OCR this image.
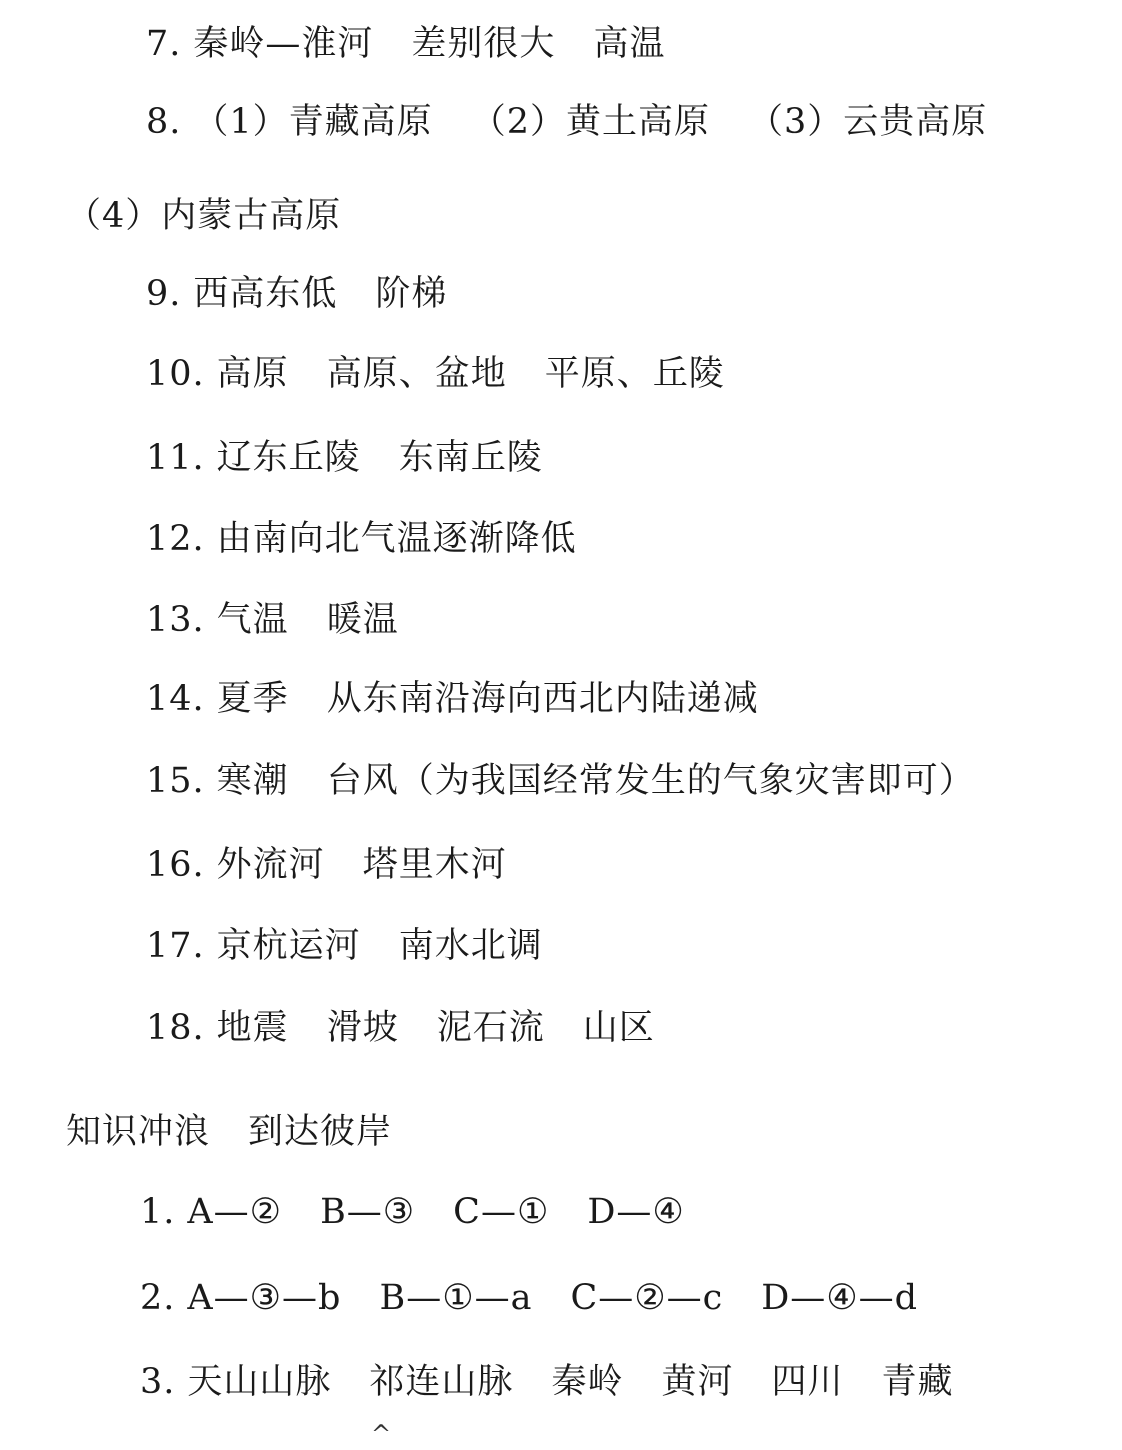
7. 秦岭—淮河 差别很大 高温
8. （1）青藏高原 （2）黄土高原 （3）云贵高原
（4）内蒙古高原
9. 西高东低 阶梯
10. 高原 高原、盆地 平原、丘陵
11. 辽东丘陵 东南丘陵
12. 由南向北气温逐渐降低
13. 气温 暖温
14. 夏季 从东南沿海向西北内陆递减
15. 寒潮 台风（为我国经常发生的气象灾害即可）
16. 外流河 塔里木河
17. 京杭运河 南水北调
18. 地震 滑坡 泥石流 山区
知识冲浪 到达彼岸
1. A—② B—③ C—① D—④
2. A—③—b B—①—a C—②—c D—④—d
3. 天山山脉 祁连山脉 秦岭 黄河 四川 青藏
^
